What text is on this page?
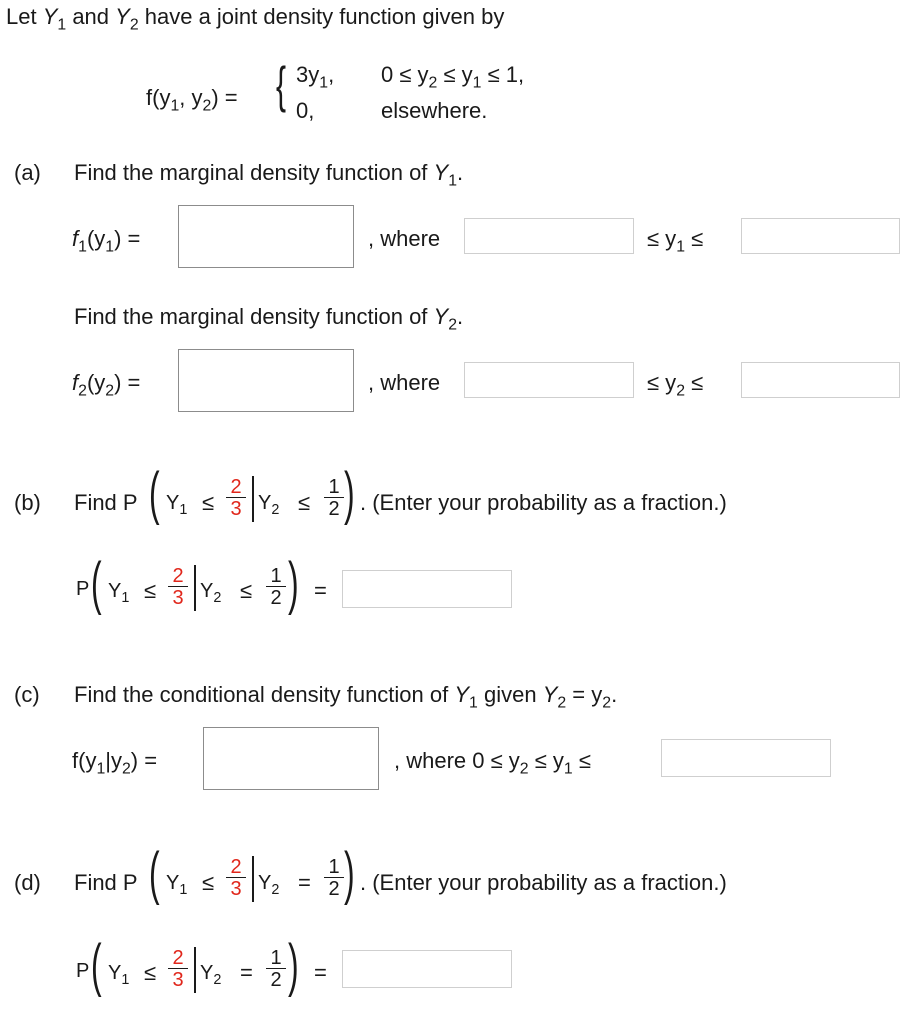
Let $Y_1$ and $Y_2$ have a joint density function given by
$f(y_1$, $y_2$) = { $3y_1$, $0 \le y_2 \le y_1 \le 1$,
0,	elsewhere.
(a) Find the marginal density function of $Y_1$.
$f_1(y_1)$ =	, where	≤ $y_1$ ≤
Find the marginal density function of $Y_2$.
$f_2(y_2)$ =	, where	≤ $y_2$ ≤
(b) Find P ( $Y_1 \le \frac{2}{3} Y_2 \le \frac{1}{2}$ ) . (Enter your probability as a fraction.)
P ( $Y_1 \le \frac{2}{3} Y_2 \le \frac{1}{2}$ ) =
(c) Find the conditional density function of $Y_1$ given $Y_2 = y_2$.
$f(y_1|y_2)$ =	, where $0 \le y_2 \le y_1$ ≤
(d) Find P ( $Y_1 \le \frac{2}{3} Y_2 = \frac{1}{2}$ ) . (Enter your probability as a fraction.)
P ( $Y_1 \le \frac{2}{3} Y_2 = \frac{1}{2}$ ) =
